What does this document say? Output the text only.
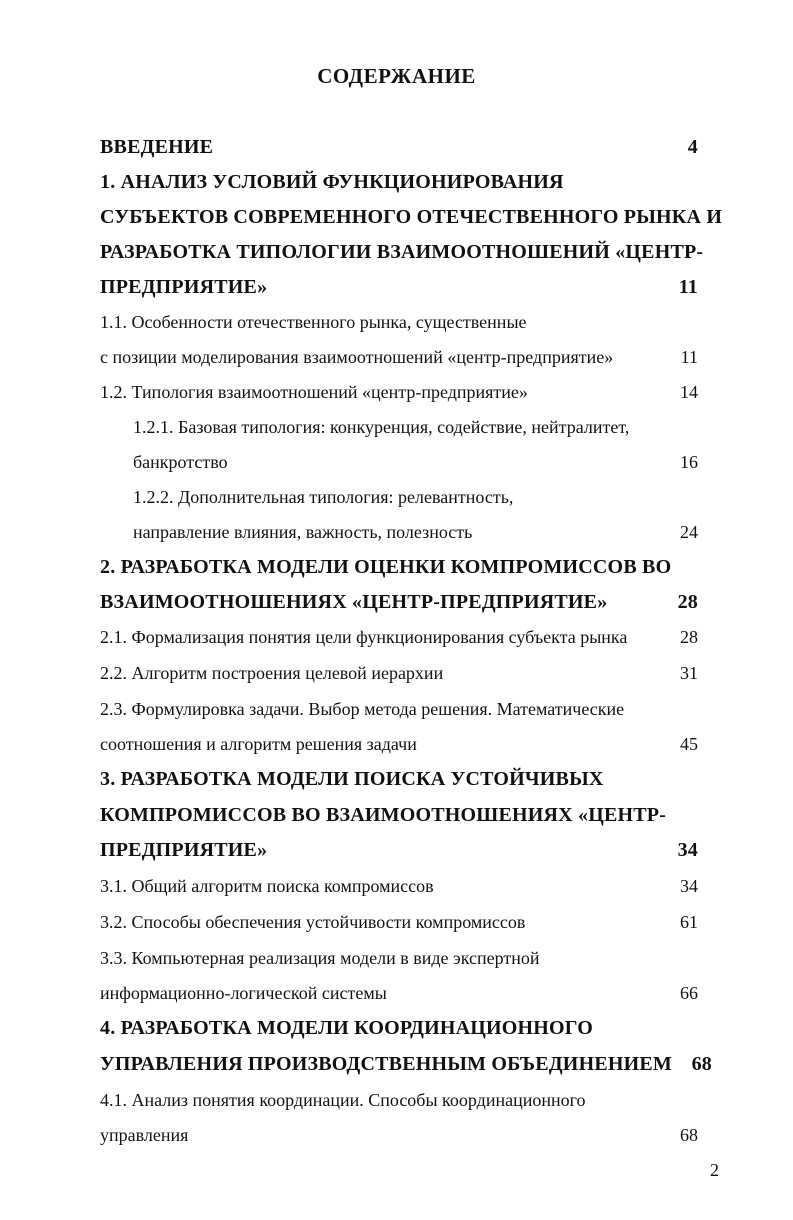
СОДЕРЖАНИЕ
ВВЕДЕНИЕ	4
1. АНАЛИЗ УСЛОВИЙ ФУНКЦИОНИРОВАНИЯ
СУБЪЕКТОВ СОВРЕМЕННОГО ОТЕЧЕСТВЕННОГО РЫНКА И
РАЗРАБОТКА ТИПОЛОГИИ ВЗАИМООТНОШЕНИЙ «ЦЕНТР-
ПРЕДПРИЯТИЕ»	11
1.1. Особенности отечественного рынка, существенные
с позиции моделирования взаимоотношений «центр-предприятие»	11
1.2. Типология взаимоотношений «центр-предприятие»	14
1.2.1. Базовая типология: конкуренция, содействие, нейтралитет,
банкротство	16
1.2.2. Дополнительная типология: релевантность,
направление влияния, важность, полезность	24
2. РАЗРАБОТКА МОДЕЛИ ОЦЕНКИ КОМПРОМИССОВ ВО
ВЗАИМООТНОШЕНИЯХ «ЦЕНТР-ПРЕДПРИЯТИЕ»	28
2.1. Формализация понятия цели функционирования субъекта рынка	28
2.2. Алгоритм построения целевой иерархии	31
2.3. Формулировка задачи. Выбор метода решения. Математические
соотношения и алгоритм решения задачи	45
3. РАЗРАБОТКА МОДЕЛИ ПОИСКА УСТОЙЧИВЫХ
КОМПРОМИССОВ ВО ВЗАИМООТНОШЕНИЯХ «ЦЕНТР-
ПРЕДПРИЯТИЕ»	34
3.1. Общий алгоритм поиска компромиссов	34
3.2. Способы обеспечения устойчивости компромиссов	61
3.3. Компьютерная реализация модели в виде экспертной
информационно-логической системы	66
4. РАЗРАБОТКА МОДЕЛИ КООРДИНАЦИОННОГО
УПРАВЛЕНИЯ ПРОИЗВОДСТВЕННЫМ ОБЪЕДИНЕНИЕМ 68
4.1. Анализ понятия координации. Способы координационного
управления	68
2
